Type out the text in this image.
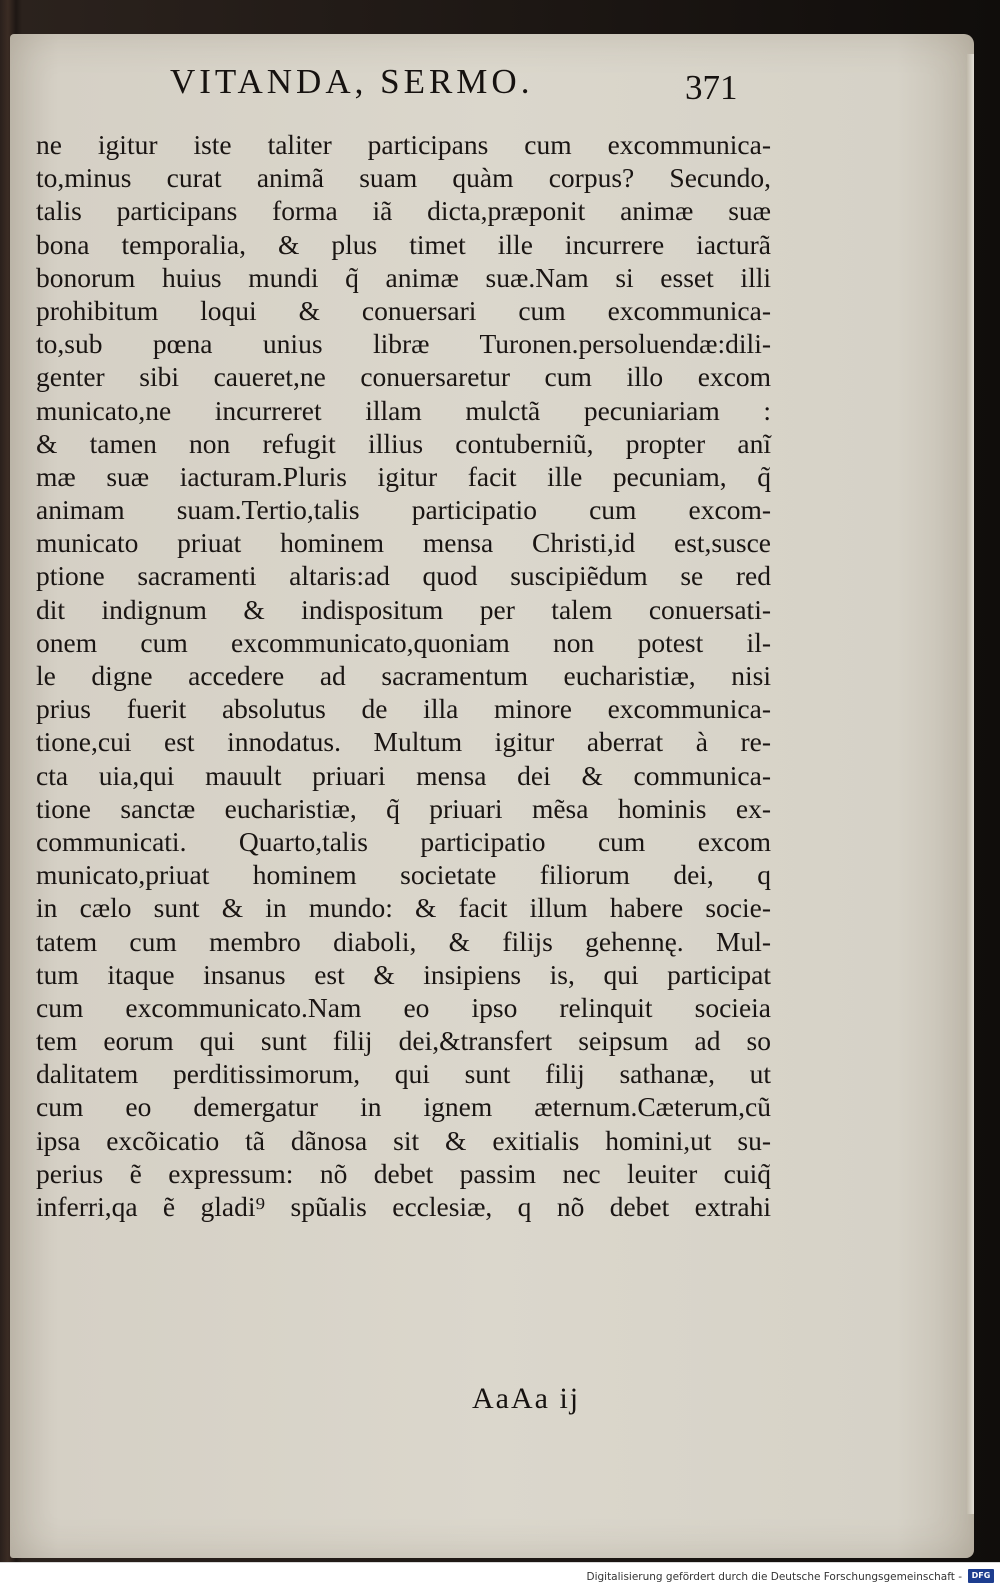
VITANDA, SERMO.	371
ne igitur iste taliter participans cum excommunica-
to,minus curat animã suam quàm corpus? Secundo,
talis participans forma iã dicta,præponit animæ suæ
bona temporalia, & plus timet ille incurrere iacturã
bonorum huius mundi q̃ animæ suæ.Nam si esset illi
prohibitum loqui & conuersari cum excommunica-
to,sub pœna unius libræ Turonen.persoluendæ:dili-
genter sibi caueret,ne conuersaretur cum illo excom
municato,ne incurreret illam mulctã pecuniariam :
& tamen non refugit illius contuberniũ, propter anĩ
mæ suæ iacturam.Pluris igitur facit ille pecuniam, q̃
animam suam.Tertio,talis participatio cum excom-
municato priuat hominem mensa Christi,id est,susce
ptione sacramenti altaris:ad quod suscipiẽdum se red
dit indignum & indispositum per talem conuersati-
onem cum excommunicato,quoniam non potest il-
le digne accedere ad sacramentum eucharistiæ, nisi
prius fuerit absolutus de illa minore excommunica-
tione,cui est innodatus. Multum igitur aberrat à re-
cta uia,qui mauult priuari mensa dei & communica-
tione sanctæ eucharistiæ, q̃ priuari mẽsa hominis ex-
communicati. Quarto,talis participatio cum excom
municato,priuat hominem societate filiorum dei, q
in cælo sunt & in mundo: & facit illum habere socie-
tatem cum membro diaboli, & filijs gehennę. Mul-
tum itaque insanus est & insipiens is, qui participat
cum excommunicato.Nam eo ipso relinquit socieia
tem eorum qui sunt filij dei,&transfert seipsum ad so
dalitatem perditissimorum, qui sunt filij sathanæ, ut
cum eo demergatur in ignem æternum.Cæterum,cũ
ipsa excõicatio tã dãnosa sit & exitialis homini,ut su-
perius ẽ expressum: nõ debet passim nec leuiter cuiq̃
inferri,qa ẽ gladi⁹ spũalis ecclesiæ, q nõ debet extrahi
AaAa ij
Digitalisierung gefördert durch die Deutsche Forschungsgemeinschaft -	DFG
